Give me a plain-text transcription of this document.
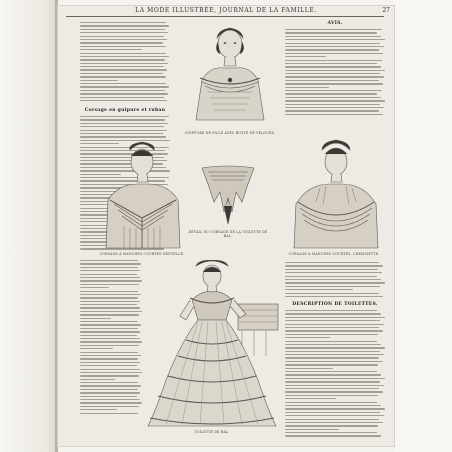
LA MODE ILLUSTRÉE, JOURNAL DE LA FAMILLE.	27
Corsage en guipure et ruban
AVIS.
COIFFURE DE FILLE AVEC BUSTE DE VELOURS.
CORSAGE À MANCHES COURTES DENTELLE.
DÉTAIL DU CORSAGE DE LA TOILETTE DE BAL.
CORSAGE À MANCHES COURTES, CHEMISETTE.
DESCRIPTION DE TOILETTES.
TOILETTE DE BAL.
